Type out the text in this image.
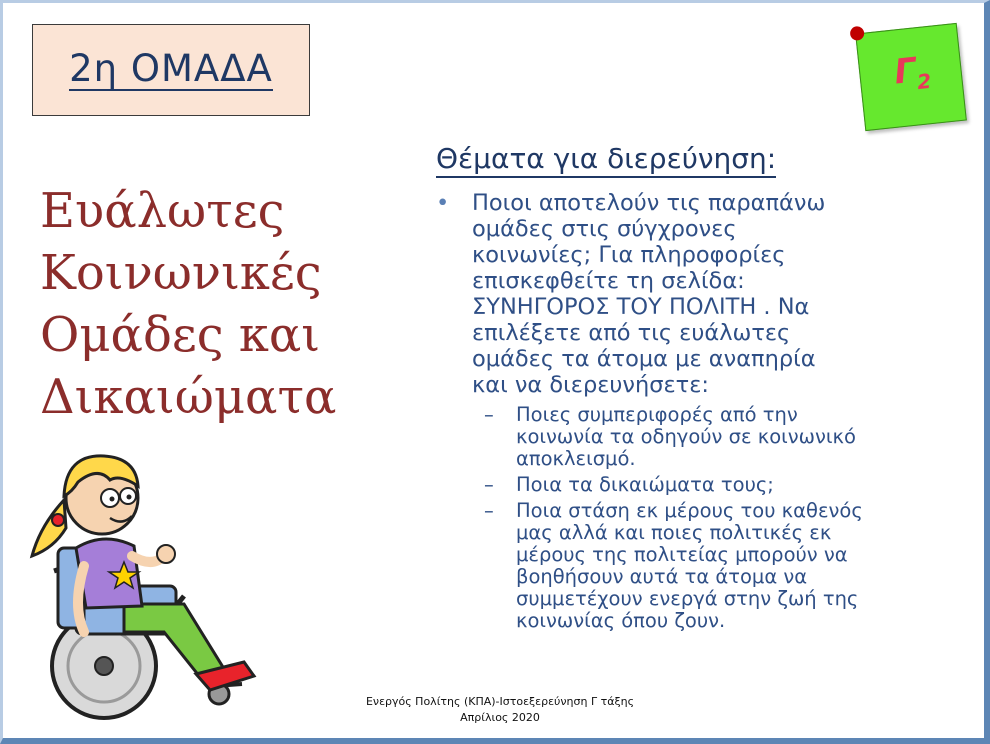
2η ΟΜΑΔΑ	$\Gamma_2$
Ευάλωτες
Κοινωνικές
Ομάδες και
Δικαιώματα
Θέματα για διερεύνηση:
• Ποιοι αποτελούν τις παραπάνω
ομάδες στις σύγχρονες
κοινωνίες; Για πληροφορίες
επισκεφθείτε τη σελίδα:
ΣΥΝΗΓΟΡΟΣ ΤΟΥ ΠΟΛΙΤΗ . Να
επιλέξετε από τις ευάλωτες
ομάδες τα άτομα με αναπηρία
και να διερευνήσετε:
– Ποιες συμπεριφορές από την
κοινωνία τα οδηγούν σε κοινωνικό
αποκλεισμό.
– Ποια τα δικαιώματα τους;
– Ποια στάση εκ μέρους του καθενός
μας αλλά και ποιες πολιτικές εκ
μέρους της πολιτείας μπορούν να
βοηθήσουν αυτά τα άτομα να
συμμετέχουν ενεργά στην ζωή της
κοινωνίας όπου ζουν.
Ενεργός Πολίτης (ΚΠΑ)-Ιστοεξερεύνηση Γ τάξης
Απρίλιος 2020
